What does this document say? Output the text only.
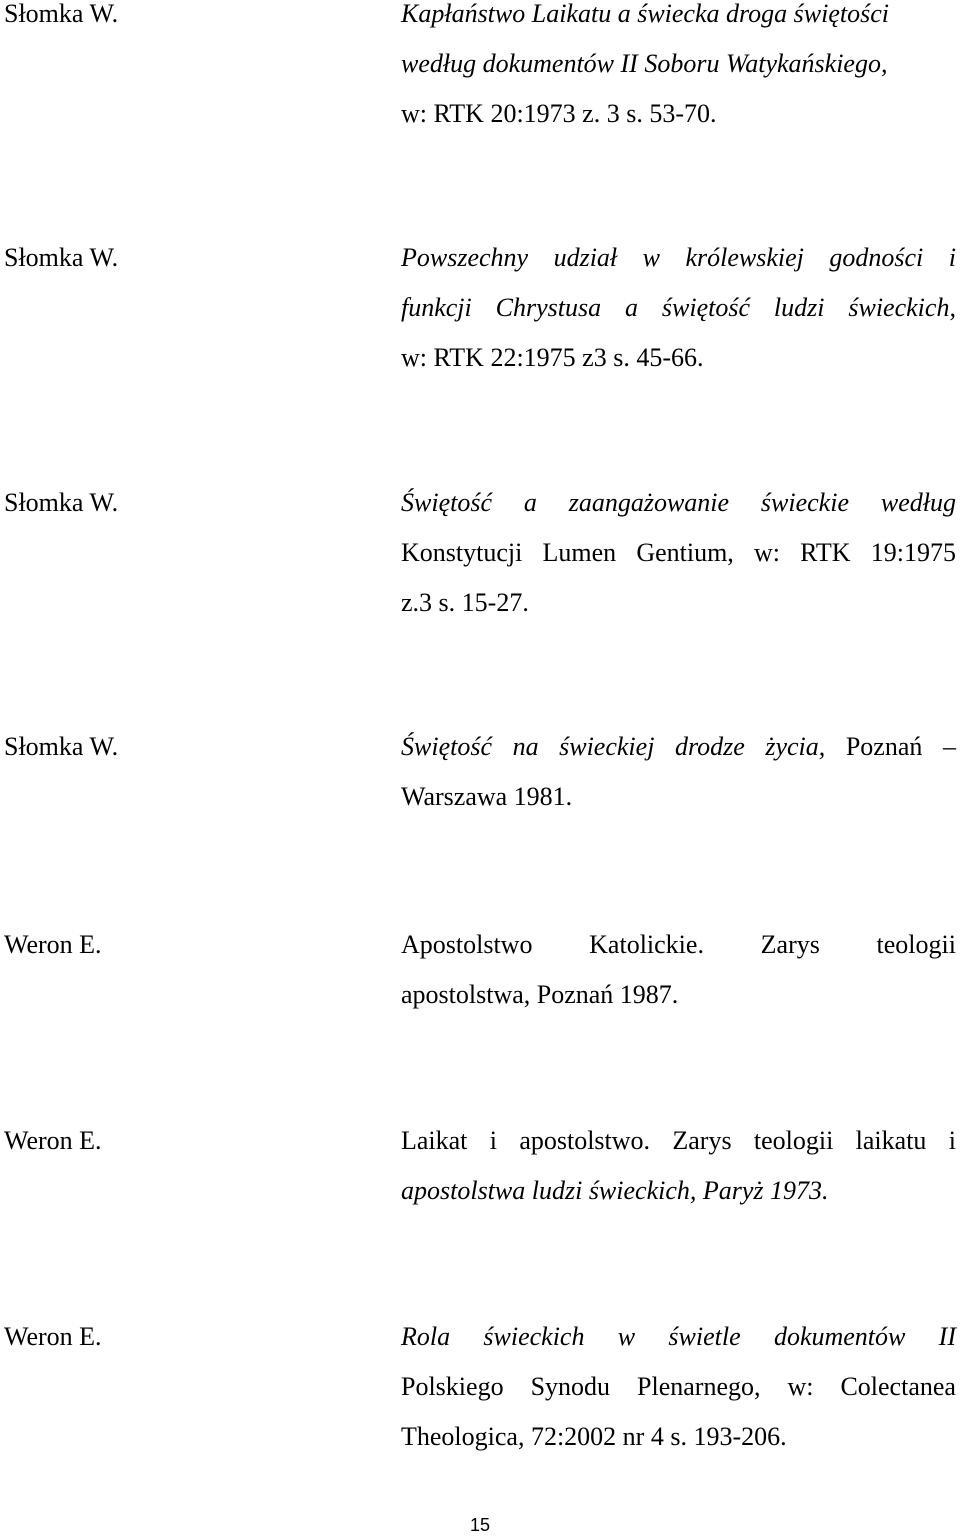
Słomka W.	Kapłaństwo Laikatu a świecka droga świętości
według dokumentów II Soboru Watykańskiego,
w: RTK 20:1973 z. 3 s. 53-70.
Słomka W.	Powszechny udział w królewskiej godności i
funkcji Chrystusa a świętość ludzi świeckich,
w: RTK 22:1975 z3 s. 45-66.
Słomka W.	Świętość a zaangażowanie świeckie według
Konstytucji Lumen Gentium, w: RTK 19:1975
z.3 s. 15-27.
Słomka W.	Świętość na świeckiej drodze życia, Poznań –
Warszawa 1981.
Weron E.	Apostolstwo Katolickie. Zarys teologii
apostolstwa, Poznań 1987.
Weron E.	Laikat i apostolstwo. Zarys teologii laikatu i
apostolstwa ludzi świeckich, Paryż 1973.
Weron E.	Rola świeckich w świetle dokumentów II
Polskiego Synodu Plenarnego, w: Colectanea
Theologica, 72:2002 nr 4 s. 193-206.
15
